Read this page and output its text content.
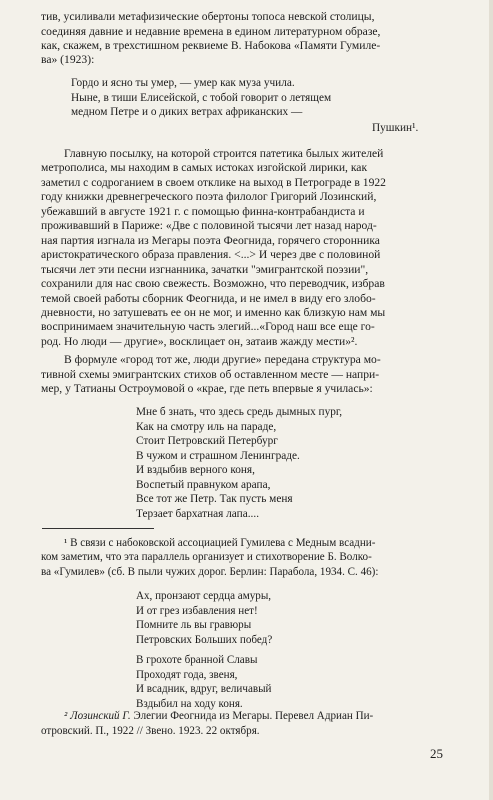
тив, усиливали метафизические обертоны топоса невской столицы,
соединяя давние и недавние времена в едином литературном образе,
как, скажем, в трехстишном реквиеме В. Набокова «Памяти Гумиле-
ва» (1923):
Гордо и ясно ты умер, — умер как муза учила.
Ныне, в тиши Елисейской, с тобой говорит о летящем
медном Петре и о диких ветрах африканских —
Пушкин¹.
Главную посылку, на которой строится патетика былых жителей
метрополиса, мы находим в самых истоках изгойской лирики, как
заметил с содроганием в своем отклике на выход в Петрограде в 1922
году книжки древнегреческого поэта филолог Григорий Лозинский,
убежавший в августе 1921 г. с помощью финна-контрабандиста и
проживавший в Париже: «Две с половиной тысячи лет назад народ-
ная партия изгнала из Мегары поэта Феогнида, горячего сторонника
аристократического образа правления. <...> И через две с половиной
тысячи лет эти песни изгнанника, зачатки "эмигрантской поэзии",
сохранили для нас свою свежесть. Возможно, что переводчик, избрав
темой своей работы сборник Феогнида, и не имел в виду его злобо-
дневности, но затушевать ее он не мог, и именно как близкую нам мы
воспринимаем значительную часть элегий...«Город наш все еще го-
род. Но люди — другие», восклицает он, затаив жажду мести»².
В формуле «город тот же, люди другие» передана структура мо-
тивной схемы эмигрантских стихов об оставленном месте — напри-
мер, у Татианы Остроумовой о «крае, где петь впервые я училась»:
Мне б знать, что здесь средь дымных пург,
Как на смотру иль на параде,
Стоит Петровский Петербург
В чужом и страшном Ленинграде.
И вздыбив верного коня,
Воспетый правнуком арапа,
Все тот же Петр. Так пусть меня
Терзает бархатная лапа....
¹ В связи с набоковской ассоциацией Гумилева с Медным всадни-
ком заметим, что эта параллель организует и стихотворение Б. Волко-
ва «Гумилев» (сб. В пыли чужих дорог. Берлин: Парабола, 1934. С. 46):
Ах, пронзают сердца амуры,
И от грез избавления нет!
Помните ль вы гравюры
Петровских Больших побед?
В грохоте бранной Славы
Проходят года, звеня,
И всадник, вдруг, величавый
Вздыбил на ходу коня.
25
² Лозинский Г. Элегии Феогнида из Мегары. Перевел Адриан Пи-
отровский. П., 1922 // Звено. 1923. 22 октября.
